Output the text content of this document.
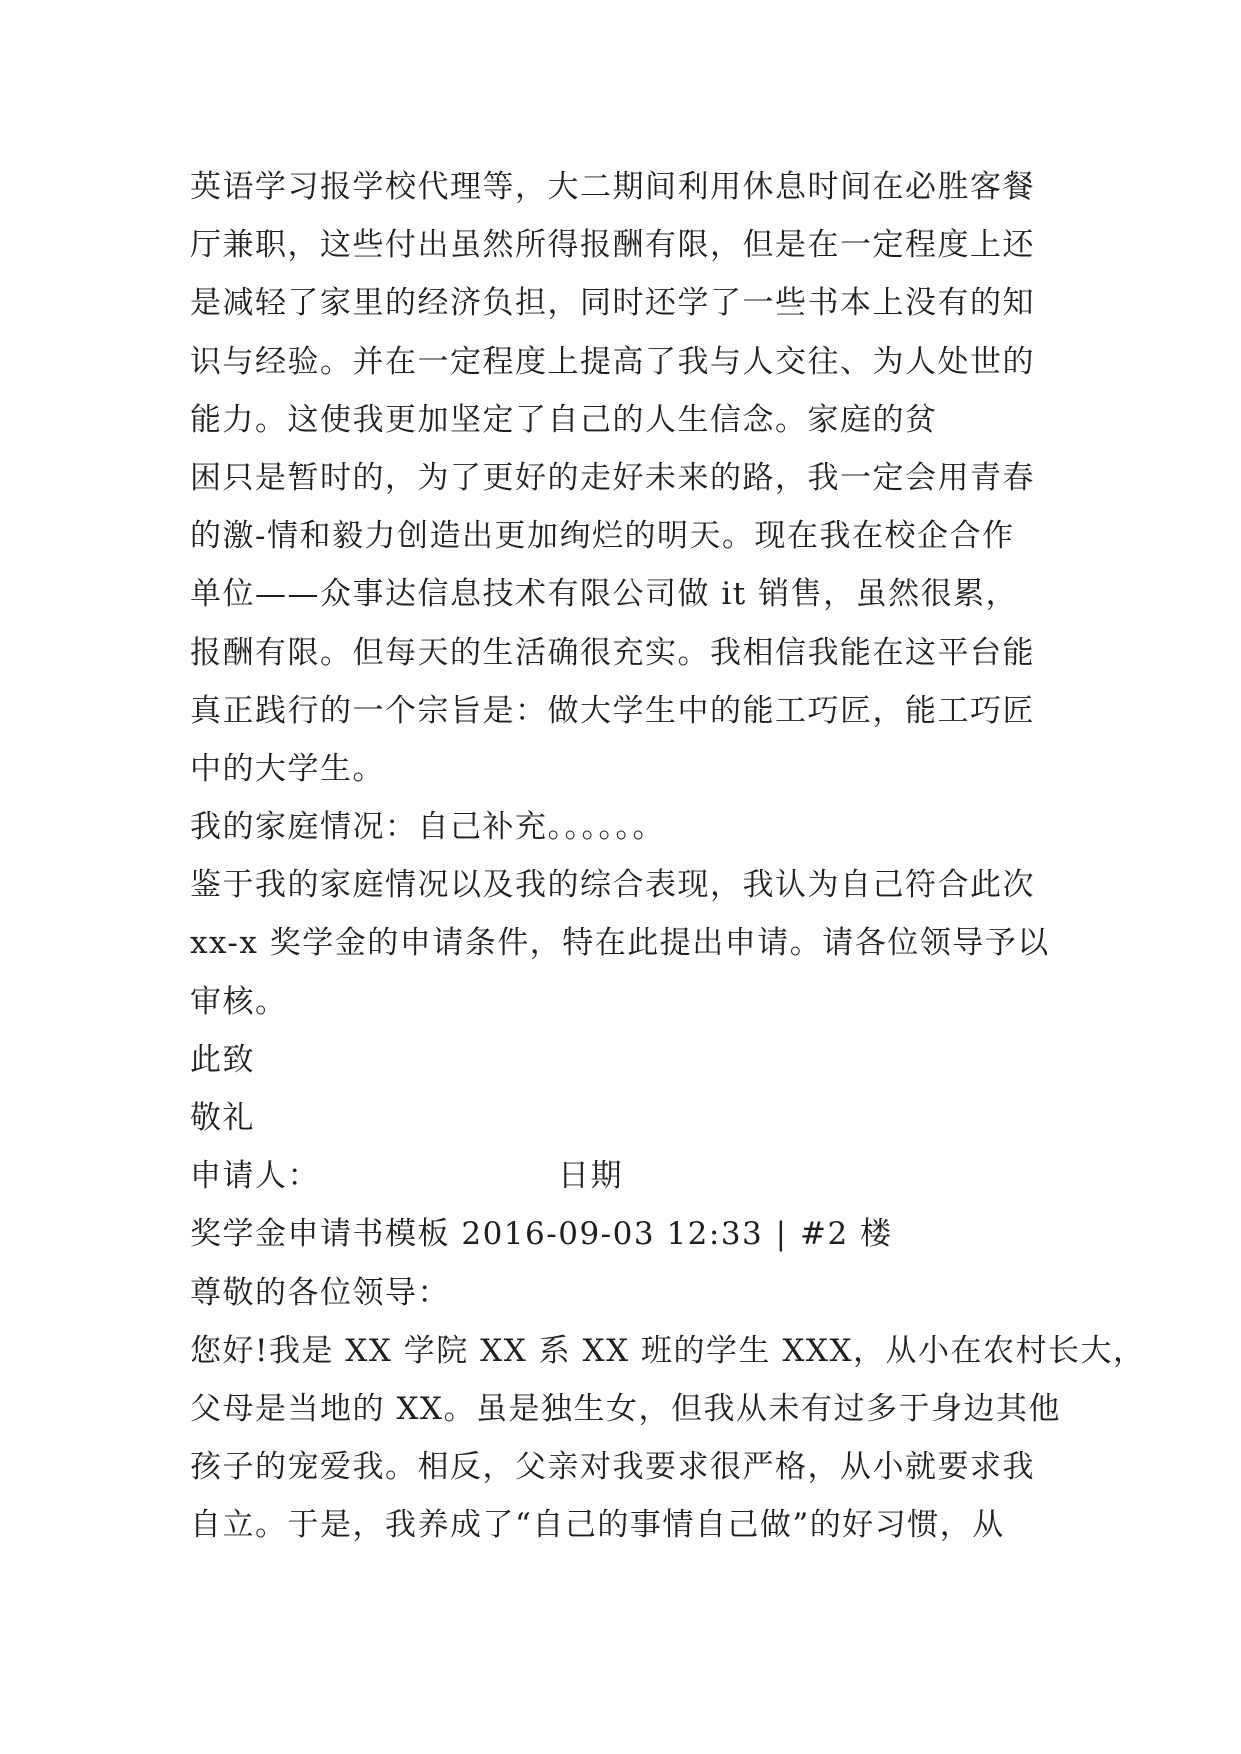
英语学习报学校代理等，大二期间利用休息时间在必胜客餐
厅兼职，这些付出虽然所得报酬有限，但是在一定程度上还
是减轻了家里的经济负担，同时还学了一些书本上没有的知
识与经验。并在一定程度上提高了我与人交往、为人处世的
能力。这使我更加坚定了自己的人生信念。家庭的贫
困只是暂时的，为了更好的走好未来的路，我一定会用青春
的激-情和毅力创造出更加绚烂的明天。现在我在校企合作
单位——众事达信息技术有限公司做 it 销售，虽然很累，
报酬有限。但每天的生活确很充实。我相信我能在这平台能
真正践行的一个宗旨是：做大学生中的能工巧匠，能工巧匠
中的大学生。
我的家庭情况：自己补充。。。。。。
鉴于我的家庭情况以及我的综合表现，我认为自己符合此次
xx-x 奖学金的申请条件，特在此提出申请。请各位领导予以
审核。
此致
敬礼
申请人：	日期
奖学金申请书模板 2016-09-03 12:33 | #2 楼
尊敬的各位领导：
您好!我是 XX 学院 XX 系 XX 班的学生 XXX，从小在农村长大，
父母是当地的 XX。虽是独生女，但我从未有过多于身边其他
孩子的宠爱我。相反，父亲对我要求很严格，从小就要求我
自立。于是，我养成了“自己的事情自己做”的好习惯，从
